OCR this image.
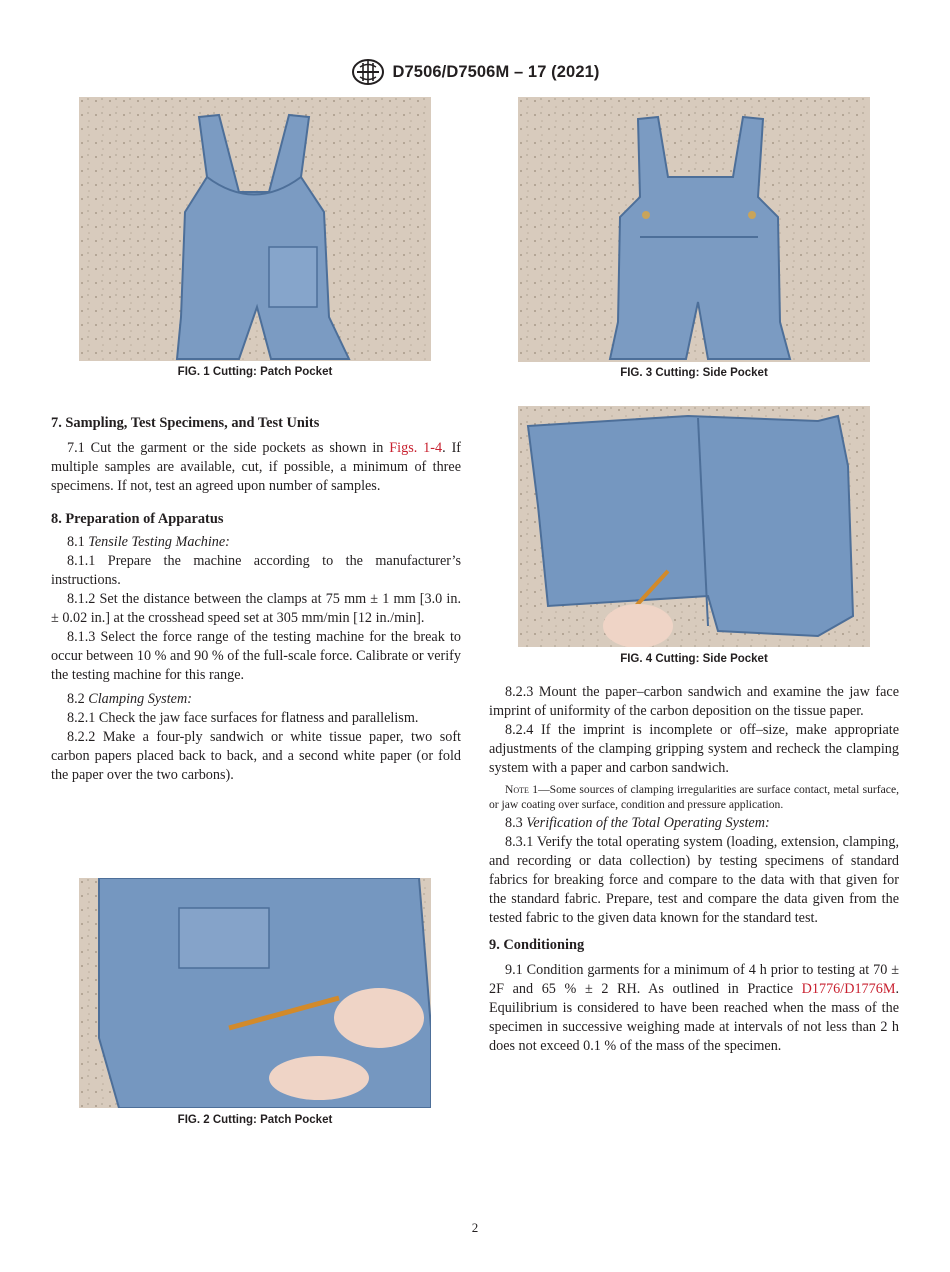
D7506/D7506M – 17 (2021)
FIG. 1 Cutting: Patch Pocket	FIG. 3 Cutting: Side Pocket
FIG. 4 Cutting: Side Pocket
FIG. 2 Cutting: Patch Pocket

7. Sampling, Test Specimens, and Test Units

7.1 Cut the garment or the side pockets as shown in Figs. 1-4. If multiple samples are available, cut, if possible, a minimum of three specimens. If not, test an agreed upon number of samples.

8. Preparation of Apparatus

8.1 Tensile Testing Machine:

8.1.1 Prepare the machine according to the manufacturer’s instructions.

8.1.2 Set the distance between the clamps at 75 mm ± 1 mm [3.0 in. ± 0.02 in.] at the crosshead speed set at 305 mm/min [12 in./min].

8.1.3 Select the force range of the testing machine for the break to occur between 10 % and 90 % of the full-scale force. Calibrate or verify the testing machine for this range.

8.2 Clamping System:

8.2.1 Check the jaw face surfaces for flatness and parallelism.

8.2.2 Make a four-ply sandwich or white tissue paper, two soft carbon papers placed back to back, and a second white paper (or fold the paper over the two carbons).

8.2.3 Mount the paper–carbon sandwich and examine the jaw face imprint of uniformity of the carbon deposition on the tissue paper.

8.2.4 If the imprint is incomplete or off–size, make appropriate adjustments of the clamping gripping system and recheck the clamping system with a paper and carbon sandwich.

Note 1—Some sources of clamping irregularities are surface contact, metal surface, or jaw coating over surface, condition and pressure application.

8.3 Verification of the Total Operating System:

8.3.1 Verify the total operating system (loading, extension, clamping, and recording or data collection) by testing specimens of standard fabrics for breaking force and compare to the data with that given for the standard fabric. Prepare, test and compare the data given from the tested fabric to the given data known for the standard test.

9. Conditioning

9.1 Condition garments for a minimum of 4 h prior to testing at 70 ± 2F and 65 % ± 2 RH. As outlined in Practice D1776/D1776M. Equilibrium is considered to have been reached when the mass of the specimen in successive weighing made at intervals of not less than 2 h does not exceed 0.1 % of the mass of the specimen.

2
